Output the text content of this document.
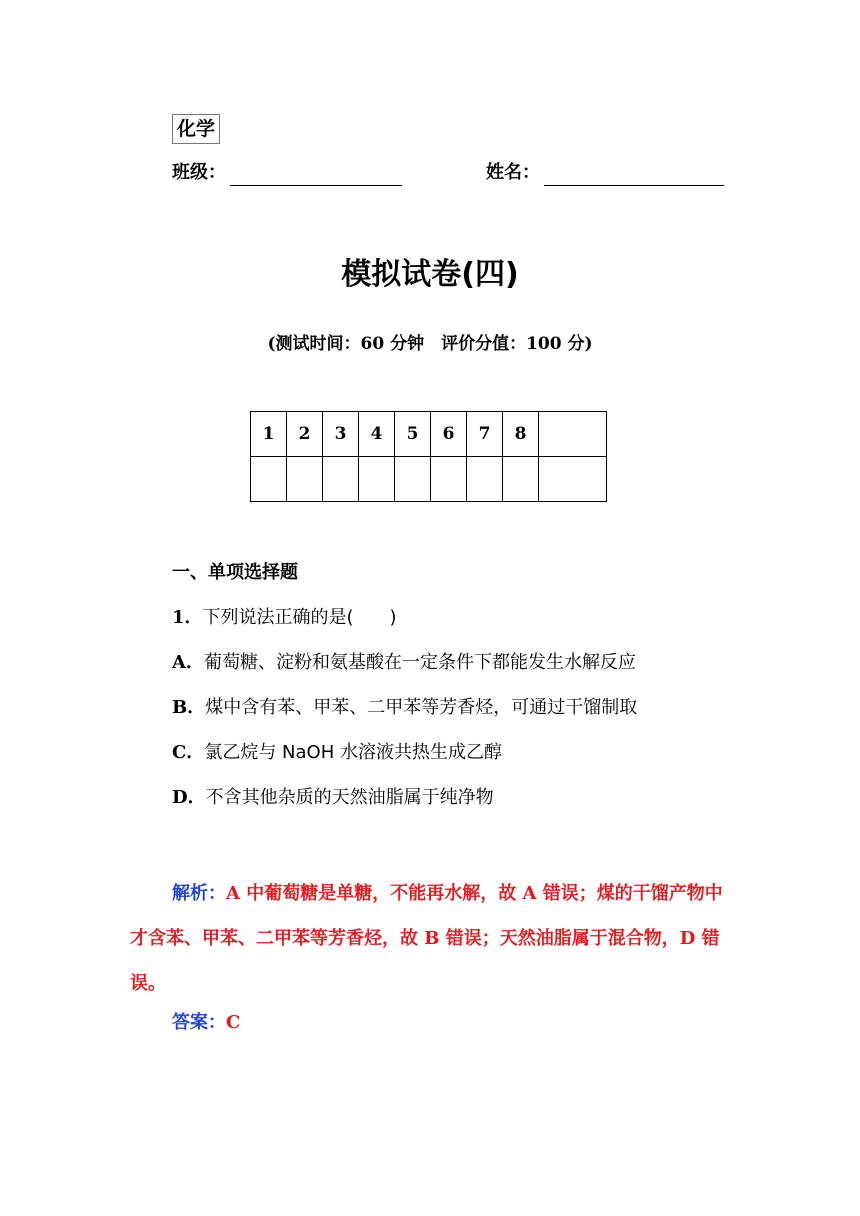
化学
班级：	姓名：
模拟试卷(四)
(测试时间：60 分钟　评价分值：100 分)
1	2	3	4	5	6	7	8	

一、单项选择题
1．下列说法正确的是(　　)
A．葡萄糖、淀粉和氨基酸在一定条件下都能发生水解反应
B．煤中含有苯、甲苯、二甲苯等芳香烃，可通过干馏制取
C．氯乙烷与 NaOH 水溶液共热生成乙醇
D．不含其他杂质的天然油脂属于纯净物
解析：A 中葡萄糖是单糖，不能再水解，故 A 错误；煤的干馏产物中才含苯、甲苯、二甲苯等芳香烃，故 B 错误；天然油脂属于混合物，D 错误。
答案：C
